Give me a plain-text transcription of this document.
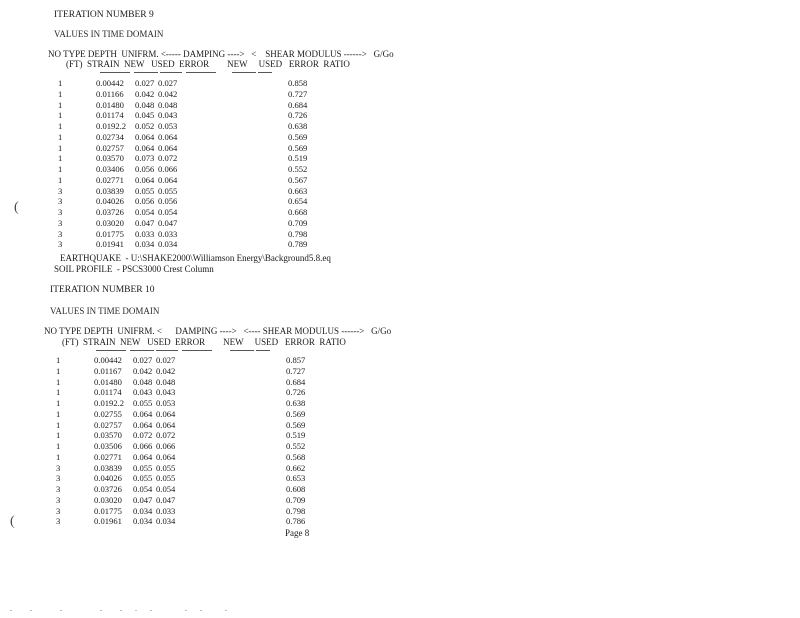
ITERATION NUMBER 9
VALUES IN TIME DOMAIN
NO TYPE DEPTH  UNIFRM. <----- DAMPING ---->   <    SHEAR MODULUS ------>   G/Go
(FT)  STRAIN  NEW   USED  ERROR        NEW     USED   ERROR  RATIO
1	0.00442 0.027 0.027	0.858
1	0.01166 0.042 0.042	0.727
1	0.01480 0.048 0.048	0.684
1	0.01174 0.045 0.043	0.726
1	0.0192.2 0.052 0.053	0.638
1	0.02734 0.064 0.064	0.569
1	0.02757 0.064 0.064	0.569
1	0.03570 0.073 0.072	0.519
1	0.03406 0.056 0.066	0.552
1	0.02771 0.064 0.064	0.567
3	0.03839 0.055 0.055	0.663
3	0.04026 0.056 0.056	0.654
3	0.03726 0.054 0.054	0.668
3	0.03020 0.047 0.047	0.709
3	0.01775 0.033 0.033	0.798
3	0.01941 0.034 0.034	0.789
(
EARTHQUAKE  - U:\SHAKE2000\Williamson Energy\Background5.8.eq
SOIL PROFILE  - PSCS3000 Crest Column
ITERATION NUMBER 10
VALUES IN TIME DOMAIN
NO TYPE DEPTH  UNIFRM. <      DAMPING ---->   <---- SHEAR MODULUS ------>   G/Go
(FT)  STRAIN  NEW   USED  ERROR        NEW     USED   ERROR  RATIO
1	0.00442 0.027 0.027	0.857
1	0.01167 0.042 0.042	0.727
1	0.01480 0.048 0.048	0.684
1	0.01174 0.043 0.043	0.726
1	0.0192.2 0.055 0.053	0.638
1	0.02755 0.064 0.064	0.569
1	0.02757 0.064 0.064	0.569
1	0.03570 0.072 0.072	0.519
1	0.03506 0.066 0.066	0.552
1	0.02771 0.064 0.064	0.568
3	0.03839 0.055 0.055	0.662
3	0.04026 0.055 0.055	0.653
3	0.03726 0.054 0.054	0.608
3	0.03020 0.047 0.047	0.709
3	0.01775 0.034 0.033	0.798
3	0.01961 0.034 0.034	0.786
(
Page 8
.   .     .       .   .  .  .      .  .    .
